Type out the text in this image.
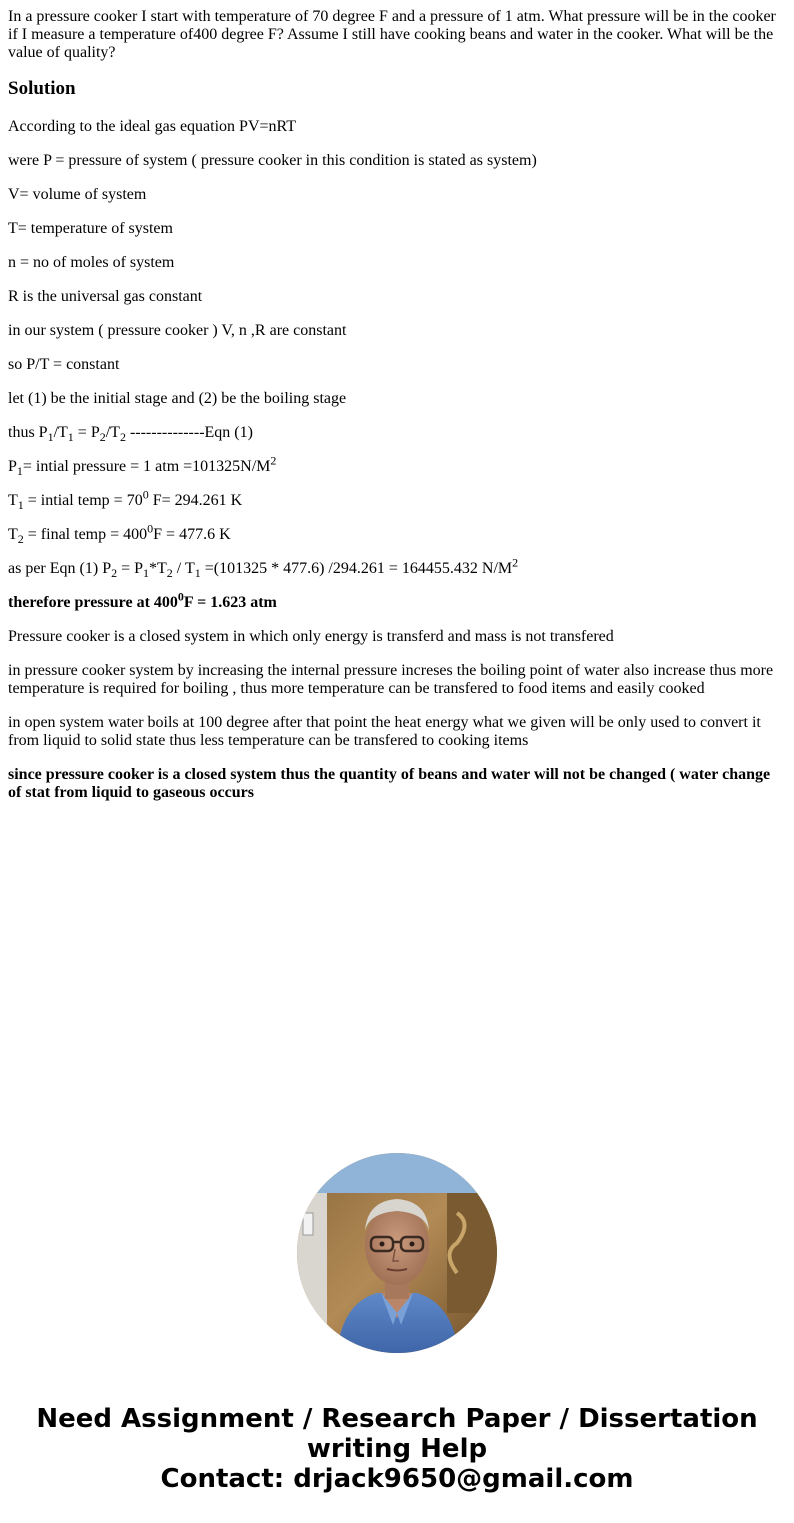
In a pressure cooker I start with temperature of 70 degree F and a pressure of 1 atm. What pressure will be in the cooker if I measure a temperature of400 degree F? Assume I still have cooking beans and water in the cooker. What will be the value of quality?

Solution

According to the ideal gas equation PV=nRT

were P = pressure of system ( pressure cooker in this condition is stated as system)

V= volume of system

T= temperature of system

n = no of moles of system

R is the universal gas constant

in our system ( pressure cooker ) V, n ,R are constant

so P/T = constant

let (1) be the initial stage and (2) be the boiling stage

thus $P_1/T_1 = P_2/T_2$ --------------Eqn (1)

$P_1=$ intial pressure = 1 atm $=101325N/M^2$

$T_1$ = intial temp = $70^0$ F= 294.261 K

$T_2$ = final temp = $400^0F = 477.6$ K

as per Eqn (1) $P_2 = P_1*T_2 / T_1 =(101325 * 477.6) /294.261 = 164455.432$ $N/M^2$

therefore pressure at $400^0F = 1.623$ atm

Pressure cooker is a closed system in which only energy is transferd and mass is not transfered

in pressure cooker system by increasing the internal pressure increses the boiling point of water also increase thus more temperature is required for boiling , thus more temperature can be transfered to food items and easily cooked

in open system water boils at 100 degree after that point the heat energy what we given will be only used to convert it from liquid to solid state thus less temperature can be transfered to cooking items

since pressure cooker is a closed system thus the quantity of beans and water will not be changed ( water change of stat from liquid to gaseous occurs

Need Assignment / Research Paper / Dissertation
writing Help
Contact: drjack9650@gmail.com
